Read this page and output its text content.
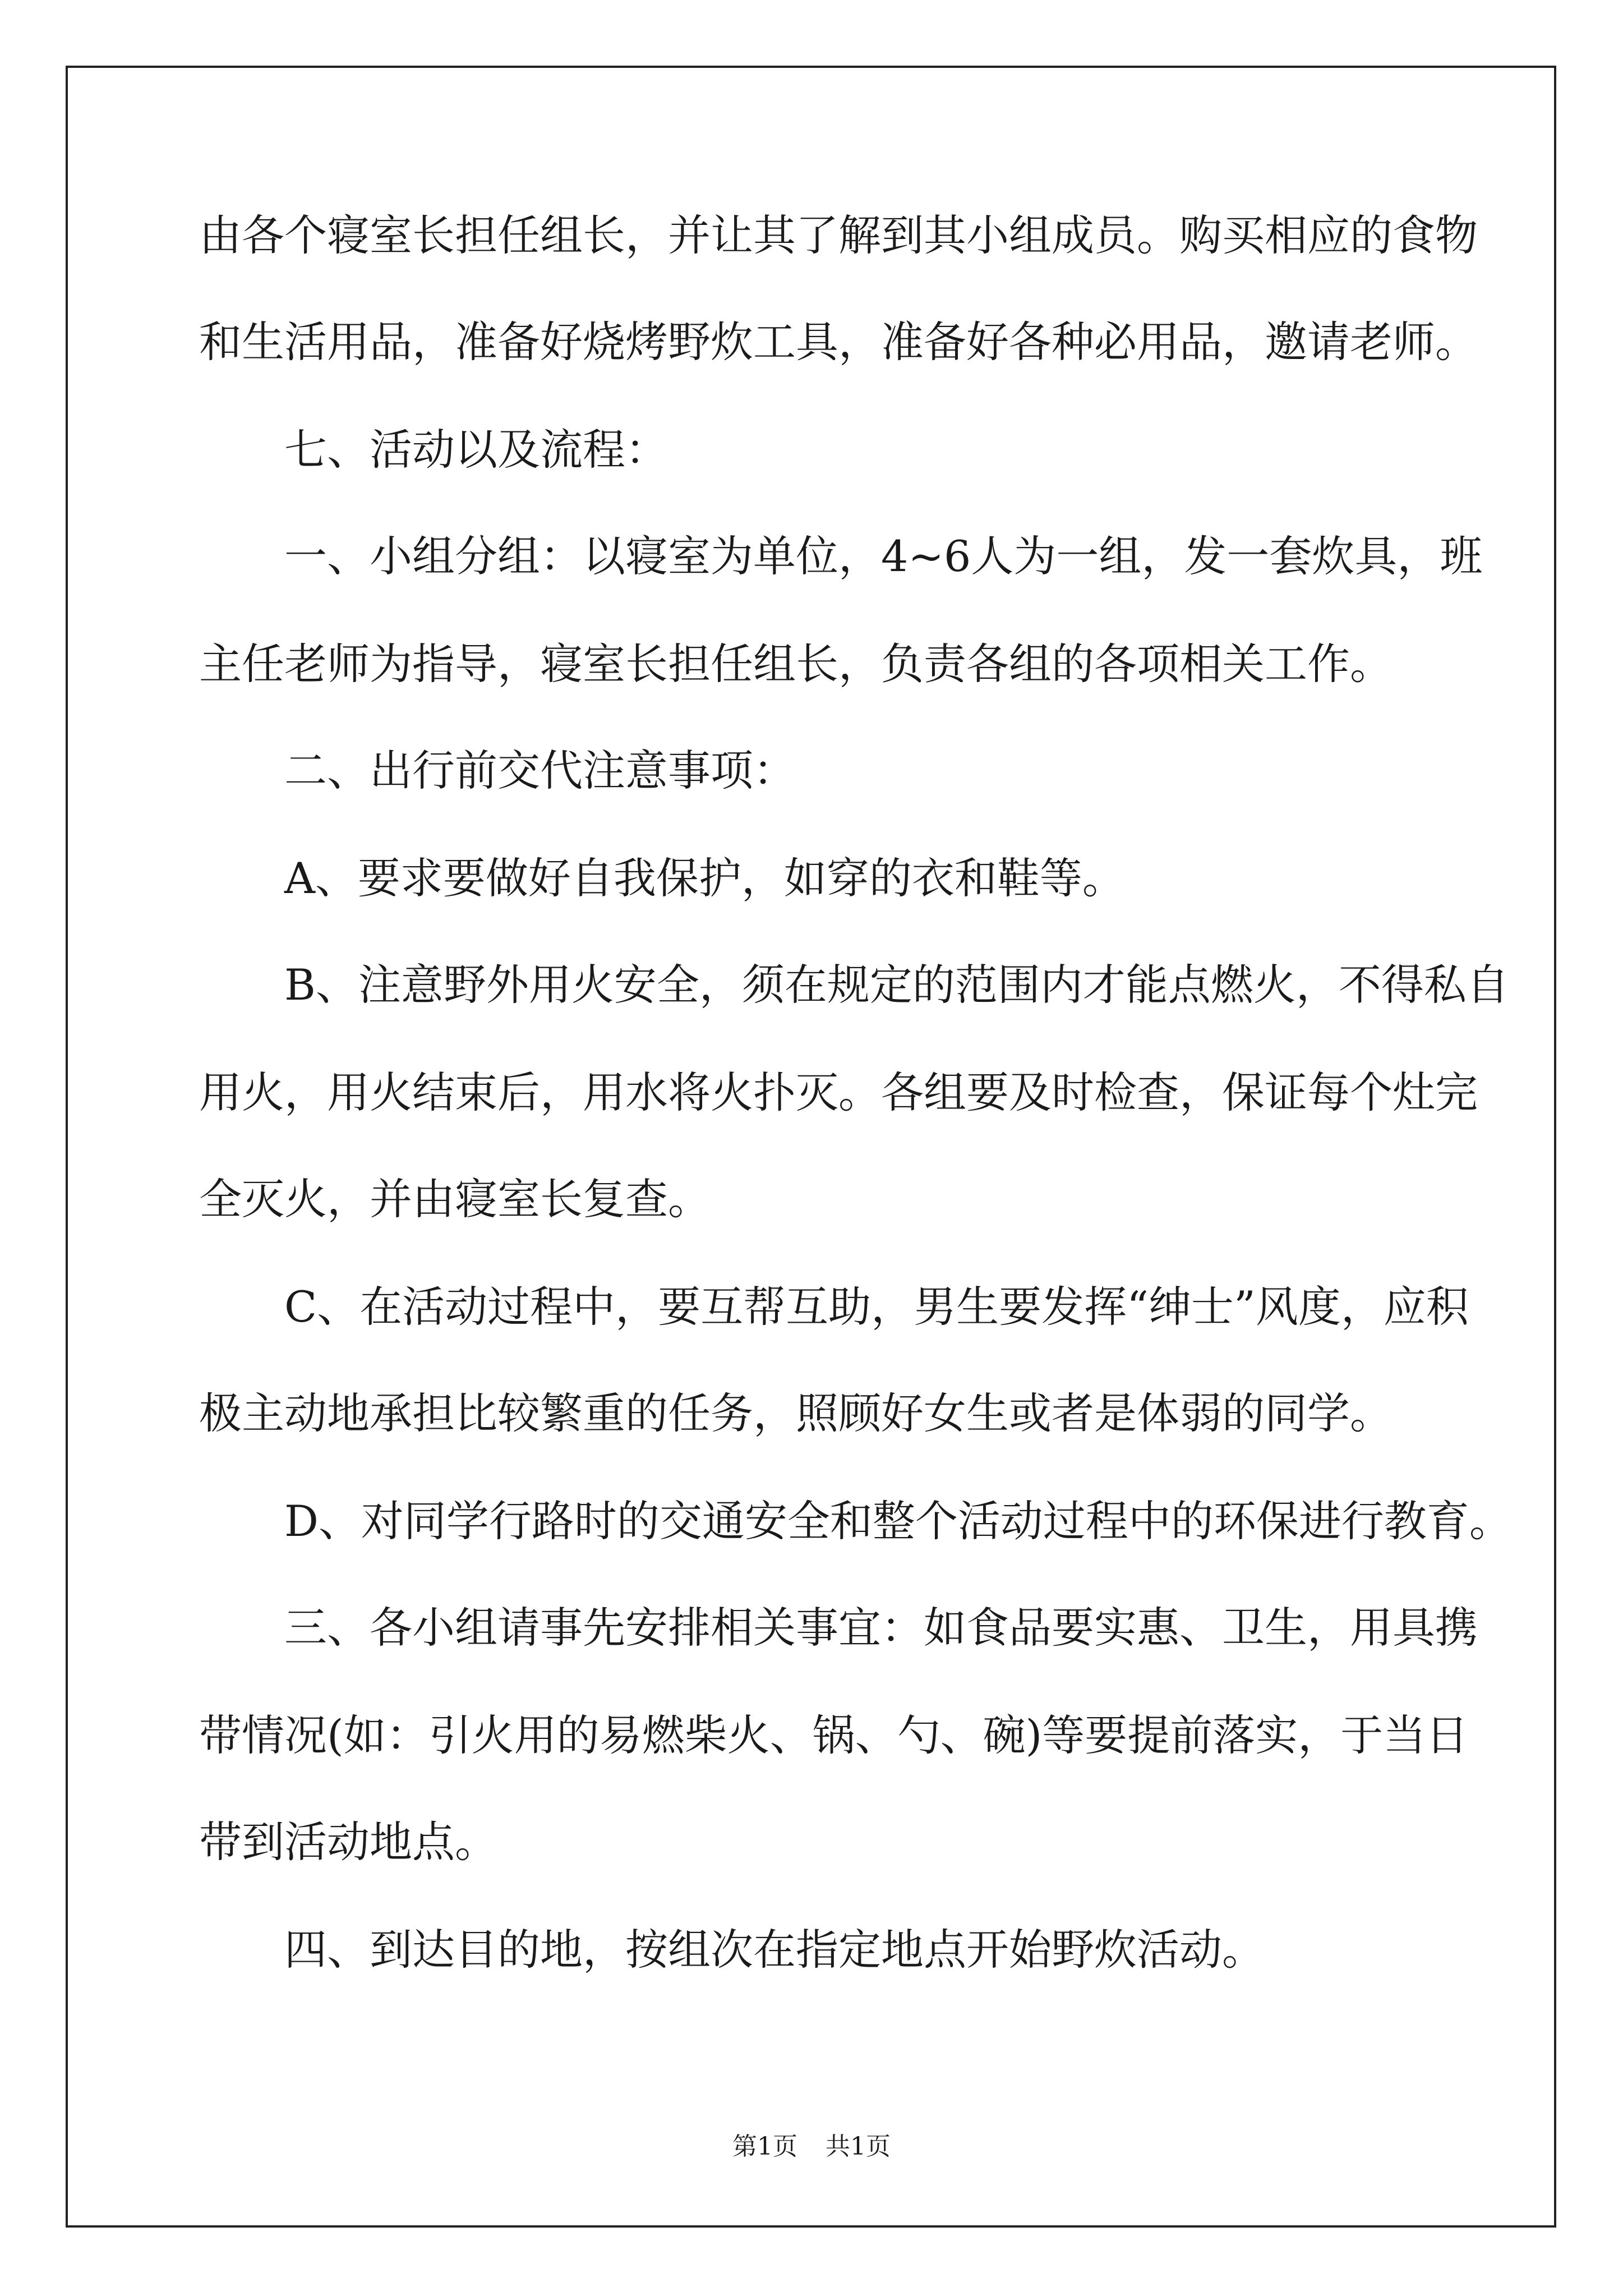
由各个寝室长担任组长，并让其了解到其小组成员。购买相应的食物
和生活用品，准备好烧烤野炊工具，准备好各种必用品，邀请老师。
七、活动以及流程：
一、小组分组：以寝室为单位，4~6人为一组，发一套炊具，班
主任老师为指导，寝室长担任组长，负责各组的各项相关工作。
二、出行前交代注意事项：
A、要求要做好自我保护，如穿的衣和鞋等。
B、注意野外用火安全，须在规定的范围内才能点燃火，不得私自
用火，用火结束后，用水将火扑灭。各组要及时检查，保证每个灶完
全灭火，并由寝室长复查。
C、在活动过程中，要互帮互助，男生要发挥“绅士”风度，应积
极主动地承担比较繁重的任务，照顾好女生或者是体弱的同学。
D、对同学行路时的交通安全和整个活动过程中的环保进行教育。
三、各小组请事先安排相关事宜：如食品要实惠、卫生，用具携
带情况(如：引火用的易燃柴火、锅、勺、碗)等要提前落实，于当日
带到活动地点。
四、到达目的地，按组次在指定地点开始野炊活动。
第1页 共1页
